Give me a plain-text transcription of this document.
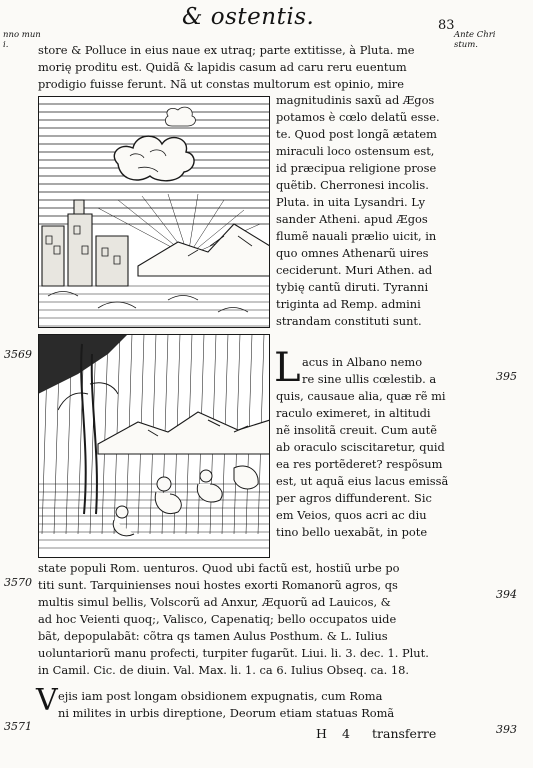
nno mun
i.
& ostentis.	83
Ante Chri
stum.
store & Polluce in eius naue ex utraq; parte extitisse, à Pluta. me
morię proditu est. Quidã & lapidis casum ad caru reru euentum
prodigio fuisse ferunt. Nã ut constas multorum est opinio, mire
magnitudinis saxũ ad Ægos
potamos è cœlo delatũ esse.
te. Quod post longã ætatem
miraculi loco ostensum est,
id præcipua religione prose
quẽtib. Cherronesi incolis.
Pluta. in uita Lysandri. Ly
sander Atheni. apud Ægos
flumẽ nauali prælio uicit, in
quo omnes Athenarũ uires
ceciderunt. Muri Athen. ad
tybię cantũ diruti. Tyranni
triginta ad Remp. admini
strandam constituti sunt.
3569
3570
3571
395
394
393
L acus in Albano nemo
re sine ullis cœlestib. a
quis, causaue alia, quæ rẽ mi
raculo eximeret, in altitudi
nẽ insolitã creuit. Cum autẽ
ab oraculo sciscitaretur, quid
ea res portẽderet? respõsum
est, ut aquã eius lacus emissã
per agros diffunderent. Sic
em Veios, quos acri ac diu
tino bello uexabãt, in pote
state populi Rom. uenturos. Quod ubi factũ est, hostiũ urbe po
titi sunt. Tarquinienses noui hostes exorti Romanorũ agros, qs
multis simul bellis, Volscorũ ad Anxur, Æquorũ ad Lauicos, &
ad hoc Veienti quoq;, Valisco, Capenatiq; bello occupatos uide
bãt, depopulabãt: cõtra qs tamen Aulus Posthum. & L. Iulius
uoluntariorũ manu profecti, turpiter fugarũt. Liui. li. 3. dec. 1. Plut.
in Camil. Cic. de diuin. Val. Max. li. 1. ca 6. Iulius Obseq. ca. 18.
V ejis iam post longam obsidionem expugnatis, cum Roma
ni milites in urbis direptione, Deorum etiam statuas Romã
H 4 transferre
